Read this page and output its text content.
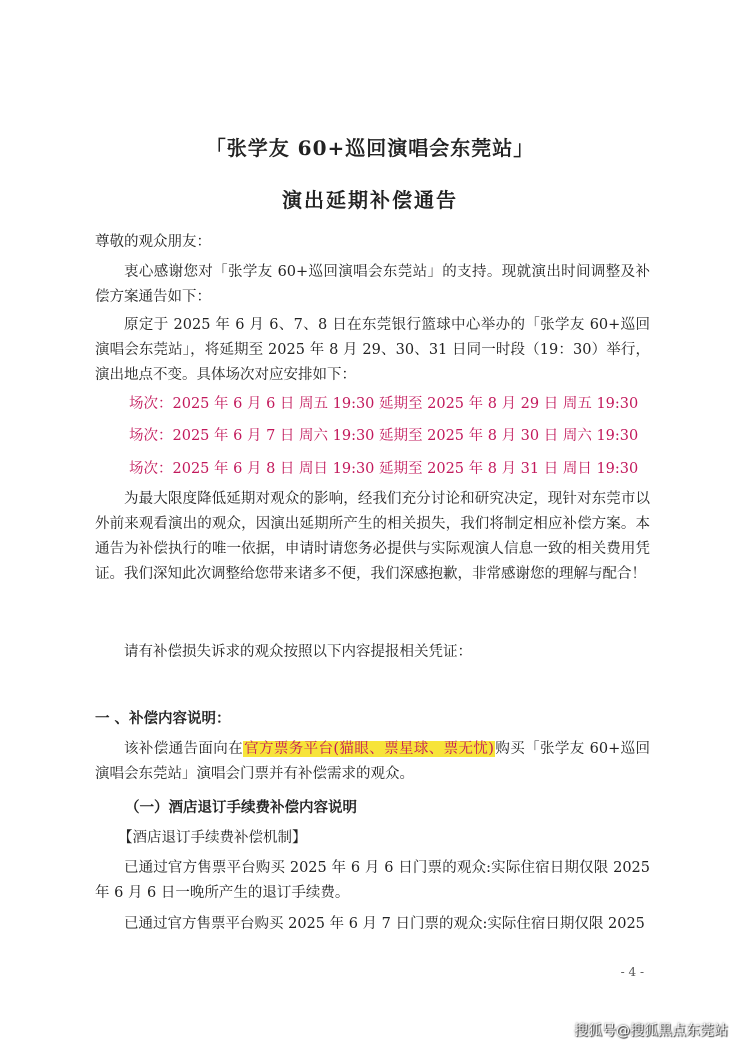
「张学友 60+巡回演唱会东莞站」
演出延期补偿通告
尊敬的观众朋友：
衷心感谢您对「张学友 60+巡回演唱会东莞站」的支持。现就演出时间调整及补偿方案通告如下：
原定于 2025 年 6 月 6、7、8 日在东莞银行篮球中心举办的「张学友 60+巡回演唱会东莞站」，将延期至 2025 年 8 月 29、30、31 日同一时段（19：30）举行，演出地点不变。具体场次对应安排如下：
场次：2025 年 6 月 6 日 周五 19:30 延期至 2025 年 8 月 29 日 周五 19:30
场次：2025 年 6 月 7 日 周六 19:30 延期至 2025 年 8 月 30 日 周六 19:30
场次：2025 年 6 月 8 日 周日 19:30 延期至 2025 年 8 月 31 日 周日 19:30
为最大限度降低延期对观众的影响，经我们充分讨论和研究决定，现针对东莞市以外前来观看演出的观众，因演出延期所产生的相关损失，我们将制定相应补偿方案。本通告为补偿执行的唯一依据，申请时请您务必提供与实际观演人信息一致的相关费用凭证。我们深知此次调整给您带来诸多不便，我们深感抱歉，非常感谢您的理解与配合！
请有补偿损失诉求的观众按照以下内容提报相关凭证：
一 、补偿内容说明：
该补偿通告面向在官方票务平台(猫眼、票星球、票无忧)购买「张学友 60+巡回演唱会东莞站」演唱会门票并有补偿需求的观众。
（一）酒店退订手续费补偿内容说明
【酒店退订手续费补偿机制】
已通过官方售票平台购买 2025 年 6 月 6 日门票的观众:实际住宿日期仅限 2025 年 6 月 6 日一晚所产生的退订手续费。
已通过官方售票平台购买 2025 年 6 月 7 日门票的观众:实际住宿日期仅限 2025
- 4 -
搜狐号@搜狐黑点东莞站
